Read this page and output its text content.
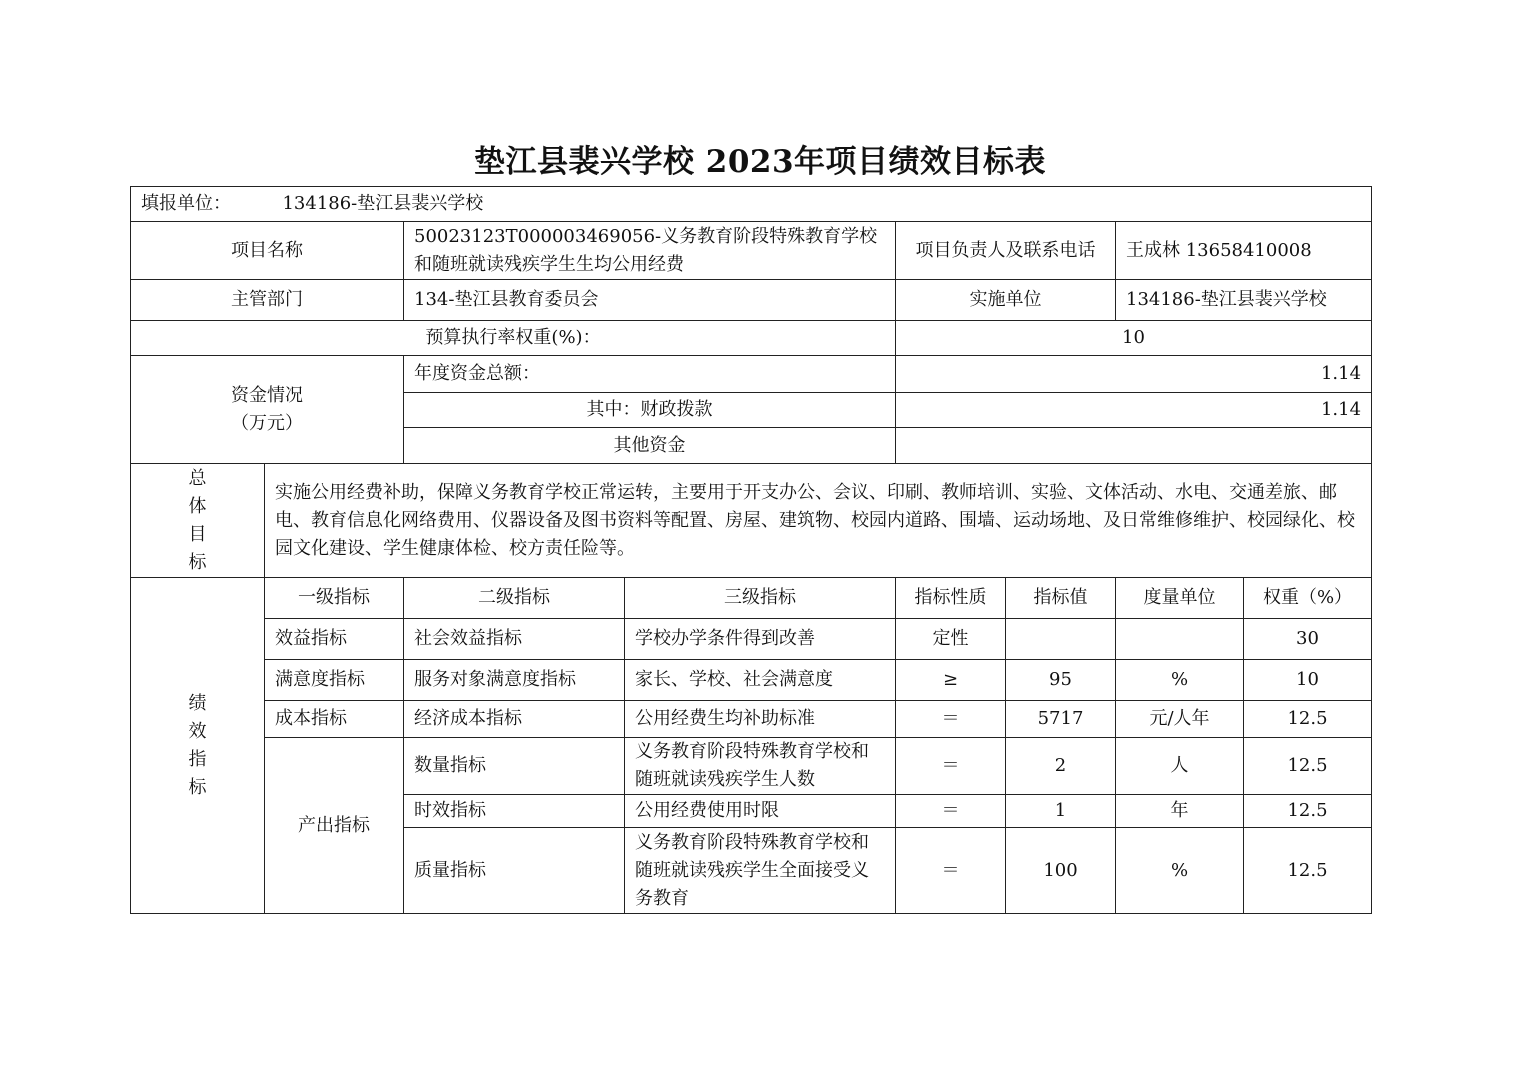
垫江县裴兴学校 2023年项目绩效目标表
填报单位： 134186-垫江县裴兴学校							
项目名称		50023123T000003469056-义务教育阶段特殊教育学校和随班就读残疾学生生均公用经费		项目负责人及联系电话		王成林 13658410008	
主管部门		134-垫江县教育委员会		实施单位		134186-垫江县裴兴学校	
预算执行率权重(%)：				10			

资金情况
（万元）		年度资金总额：		1.14			
		其中：财政拨款		1.14			
		其他资金					

总
体
目
标	实施公用经费补助，保障义务教育学校正常运转，主要用于开支办公、会议、印刷、教师培训、实验、文体活动、水电、交通差旅、邮电、教育信息化网络费用、仪器设备及图书资料等配置、房屋、建筑物、校园内道路、围墙、运动场地、及日常维修维护、校园绿化、校园文化建设、学生健康体检、校方责任险等。						

绩
效
指
标	一级指标	二级指标	三级指标	指标性质	指标值	度量单位	权重（%）
	效益指标	社会效益指标	学校办学条件得到改善	定性			30
	满意度指标	服务对象满意度指标	家长、学校、社会满意度	≥	95	%	10
	成本指标	经济成本指标	公用经费生均补助标准	＝	5717	元/人年	12.5
	产出指标	数量指标	义务教育阶段特殊教育学校和随班就读残疾学生人数	＝	2	人	12.5
		时效指标	公用经费使用时限	＝	1	年	12.5
		质量指标	义务教育阶段特殊教育学校和随班就读残疾学生全面接受义务教育	＝	100	%	12.5
